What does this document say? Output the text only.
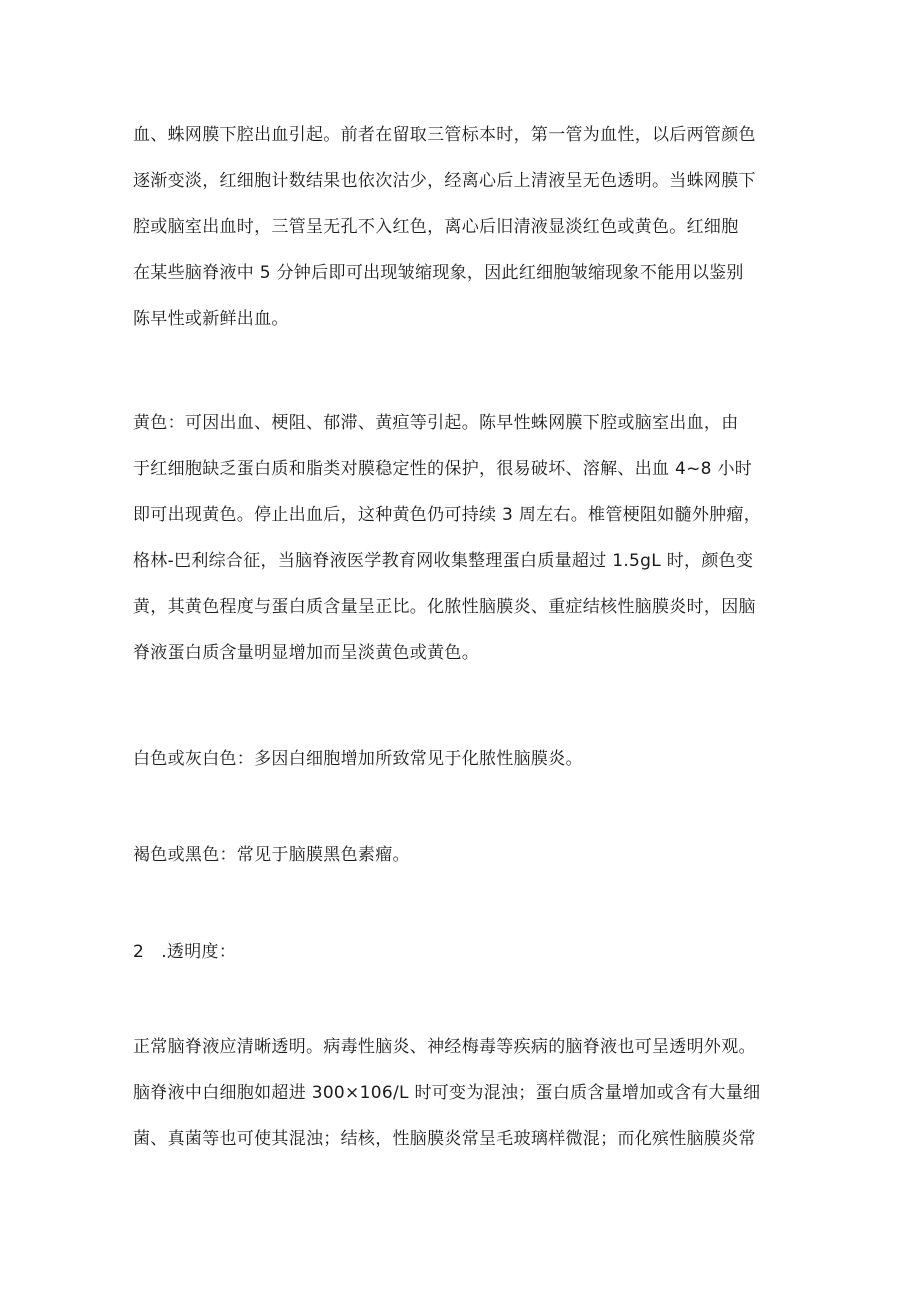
血、蛛网膜下腔出血引起。前者在留取三管标本时，第一管为血性，以后两管颜色
逐渐变淡，红细胞计数结果也依次沽少，经离心后上清液呈无色透明。当蛛网膜下
腔或脑室出血时，三管呈无孔不入红色，离心后旧清液显淡红色或黄色。红细胞
在某些脑脊液中 5 分钟后即可出现皱缩现象，因此红细胞皱缩现象不能用以鉴别
陈早性或新鲜出血。

黄色：可因出血、梗阻、郁滞、黄疸等引起。陈早性蛛网膜下腔或脑室出血，由
于红细胞缺乏蛋白质和脂类对膜稳定性的保护，很易破坏、溶解、出血 4~8 小时
即可出现黄色。停止出血后，这种黄色仍可持续 3 周左右。椎管梗阻如髓外肿瘤，
格林-巴利综合征，当脑脊液医学教育网收集整理蛋白质量超过 1.5gL 时，颜色变
黄，其黄色程度与蛋白质含量呈正比。化脓性脑膜炎、重症结核性脑膜炎时，因脑
脊液蛋白质含量明显增加而呈淡黄色或黄色。

白色或灰白色：多因白细胞增加所致常见于化脓性脑膜炎。

褐色或黑色：常见于脑膜黑色素瘤。

2   .透明度：

正常脑脊液应清晰透明。病毒性脑炎、神经梅毒等疾病的脑脊液也可呈透明外观。
脑脊液中白细胞如超进 300×106/L 时可变为混浊；蛋白质含量增加或含有大量细
菌、真菌等也可使其混浊；结核，性脑膜炎常呈毛玻璃样微混；而化殡性脑膜炎常
